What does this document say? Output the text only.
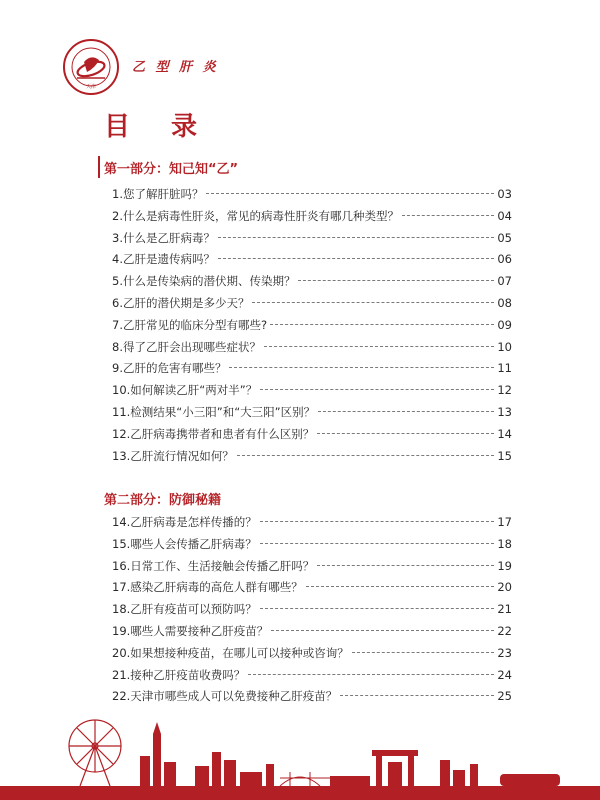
天津
乙 型 肝 炎
目 录
第一部分：知己知“乙”
1.您了解肝脏吗？	03
2.什么是病毒性肝炎，常见的病毒性肝炎有哪几种类型？	04
3.什么是乙肝病毒？	05
4.乙肝是遗传病吗？	06
5.什么是传染病的潜伏期、传染期？	07
6.乙肝的潜伏期是多少天？	08
7.乙肝常见的临床分型有哪些?	09
8.得了乙肝会出现哪些症状？	10
9.乙肝的危害有哪些？	11
10.如何解读乙肝“两对半”？	12
11.检测结果“小三阳”和“大三阳”区别？	13
12.乙肝病毒携带者和患者有什么区别？	14
13.乙肝流行情况如何？	15
第二部分：防御秘籍
14.乙肝病毒是怎样传播的？	17
15.哪些人会传播乙肝病毒？	18
16.日常工作、生活接触会传播乙肝吗？	19
17.感染乙肝病毒的高危人群有哪些？	20
18.乙肝有疫苗可以预防吗？	21
19.哪些人需要接种乙肝疫苗？	22
20.如果想接种疫苗，在哪儿可以接种或咨询？	23
21.接种乙肝疫苗收费吗？	24
22.天津市哪些成人可以免费接种乙肝疫苗？	25
